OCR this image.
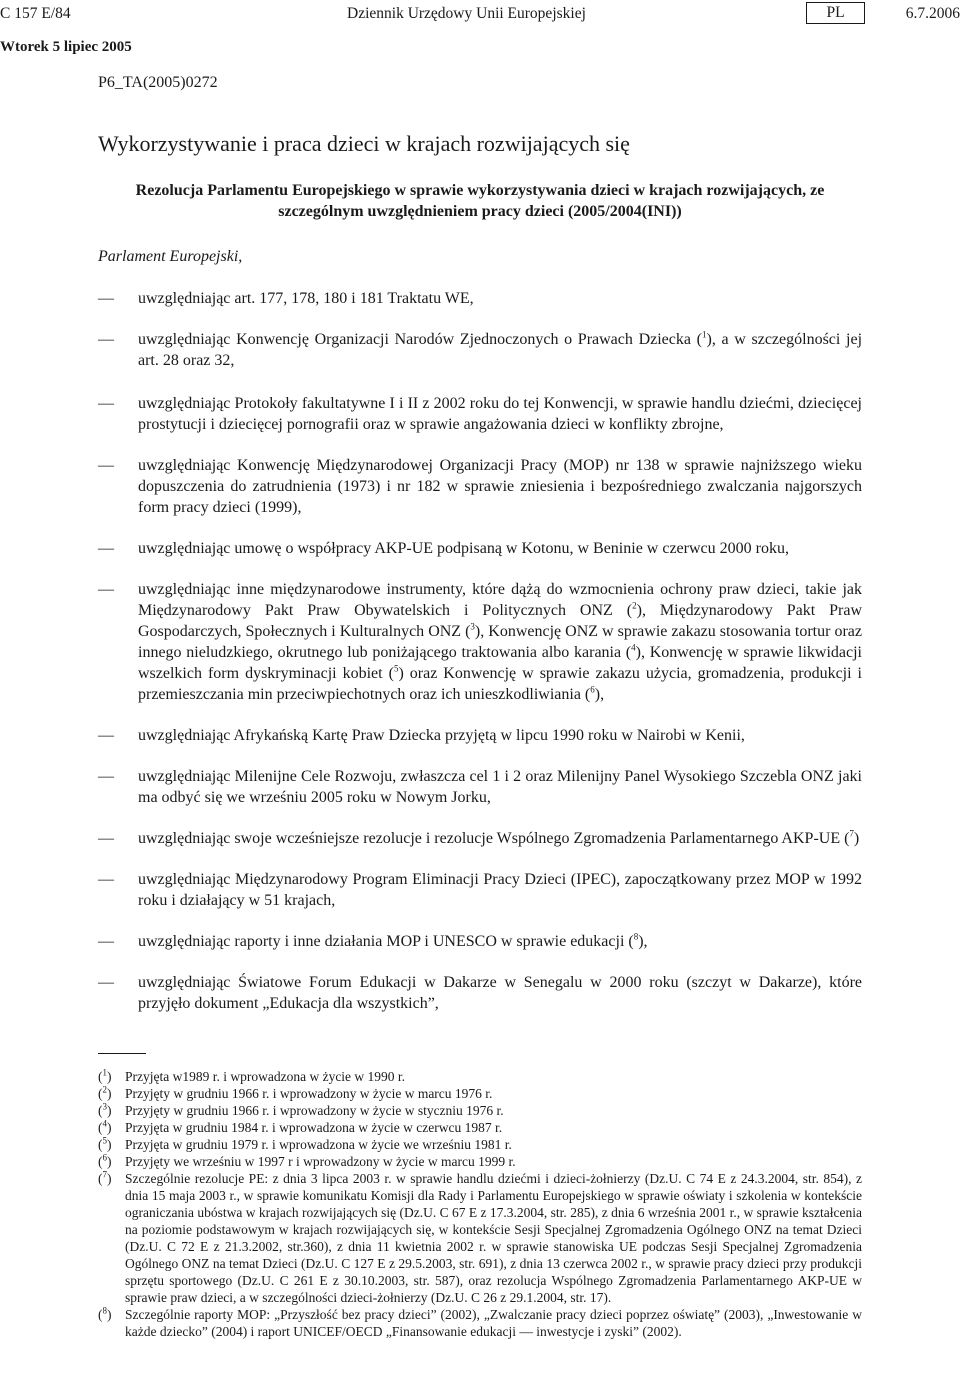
C 157 E/84	Dziennik Urzędowy Unii Europejskiej	PL	6.7.2006
Wtorek 5 lipiec 2005
P6_TA(2005)0272
Wykorzystywanie i praca dzieci w krajach rozwijających się
Rezolucja Parlamentu Europejskiego w sprawie wykorzystywania dzieci w krajach rozwijających, ze szczególnym uwzględnieniem pracy dzieci (2005/2004(INI))
Parlament Europejski,
— uwzględniając art. 177, 178, 180 i 181 Traktatu WE,
— uwzględniając Konwencję Organizacji Narodów Zjednoczonych o Prawach Dziecka ($^1$), a w szczególności jej art. 28 oraz 32,
— uwzględniając Protokoły fakultatywne I i II z 2002 roku do tej Konwencji, w sprawie handlu dziećmi, dziecięcej prostytucji i dziecięcej pornografii oraz w sprawie angażowania dzieci w konflikty zbrojne,
— uwzględniając Konwencję Międzynarodowej Organizacji Pracy (MOP) nr 138 w sprawie najniższego wieku dopuszczenia do zatrudnienia (1973) i nr 182 w sprawie zniesienia i bezpośredniego zwalczania najgorszych form pracy dzieci (1999),
— uwzględniając umowę o współpracy AKP-UE podpisaną w Kotonu, w Beninie w czerwcu 2000 roku,
— uwzględniając inne międzynarodowe instrumenty, które dążą do wzmocnienia ochrony praw dzieci, takie jak Międzynarodowy Pakt Praw Obywatelskich i Politycznych ONZ ($^2$), Międzynarodowy Pakt Praw Gospodarczych, Społecznych i Kulturalnych ONZ ($^3$), Konwencję ONZ w sprawie zakazu stosowania tortur oraz innego nieludzkiego, okrutnego lub poniżającego traktowania albo karania ($^4$), Konwencję w sprawie likwidacji wszelkich form dyskryminacji kobiet ($^5$) oraz Konwencję w sprawie zakazu użycia, gromadzenia, produkcji i przemieszczania min przeciwpiechotnych oraz ich unieszkodliwiania ($^6$),
— uwzględniając Afrykańską Kartę Praw Dziecka przyjętą w lipcu 1990 roku w Nairobi w Kenii,
— uwzględniając Milenijne Cele Rozwoju, zwłaszcza cel 1 i 2 oraz Milenijny Panel Wysokiego Szczebla ONZ jaki ma odbyć się we wrześniu 2005 roku w Nowym Jorku,
— uwzględniając swoje wcześniejsze rezolucje i rezolucje Wspólnego Zgromadzenia Parlamentarnego AKP-UE ($^7$)
— uwzględniając Międzynarodowy Program Eliminacji Pracy Dzieci (IPEC), zapoczątkowany przez MOP w 1992 roku i działający w 51 krajach,
— uwzględniając raporty i inne działania MOP i UNESCO w sprawie edukacji ($^8$),
— uwzględniając Światowe Forum Edukacji w Dakarze w Senegalu w 2000 roku (szczyt w Dakarze), które przyjęło dokument „Edukacja dla wszystkich”,
($^1$) Przyjęta w1989 r. i wprowadzona w życie w 1990 r.
($^2$) Przyjęty w grudniu 1966 r. i wprowadzony w życie w marcu 1976 r.
($^3$) Przyjęty w grudniu 1966 r. i wprowadzony w życie w styczniu 1976 r.
($^4$) Przyjęta w grudniu 1984 r. i wprowadzona w życie w czerwcu 1987 r.
($^5$) Przyjęta w grudniu 1979 r. i wprowadzona w życie we wrześniu 1981 r.
($^6$) Przyjęty we wrześniu w 1997 r i wprowadzony w życie w marcu 1999 r.
($^7$) Szczególnie rezolucje PE: z dnia 3 lipca 2003 r. w sprawie handlu dziećmi i dzieci-żołnierzy (Dz.U. C 74 E z 24.3.2004, str. 854), z dnia 15 maja 2003 r., w sprawie komunikatu Komisji dla Rady i Parlamentu Europejskiego w sprawie oświaty i szkolenia w kontekście ograniczania ubóstwa w krajach rozwijających się (Dz.U. C 67 E z 17.3.2004, str. 285), z dnia 6 września 2001 r., w sprawie kształcenia na poziomie podstawowym w krajach rozwijających się, w kontekście Sesji Specjalnej Zgromadzenia Ogólnego ONZ na temat Dzieci (Dz.U. C 72 E z 21.3.2002, str.360), z dnia 11 kwietnia 2002 r. w sprawie stanowiska UE podczas Sesji Specjalnej Zgromadzenia Ogólnego ONZ na temat Dzieci (Dz.U. C 127 E z 29.5.2003, str. 691), z dnia 13 czerwca 2002 r., w sprawie pracy dzieci przy produkcji sprzętu sportowego (Dz.U. C 261 E z 30.10.2003, str. 587), oraz rezolucja Wspólnego Zgromadzenia Parlamentarnego AKP-UE w sprawie praw dzieci, a w szczególności dzieci-żołnierzy (Dz.U. C 26 z 29.1.2004, str. 17).
($^8$) Szczególnie raporty MOP: „Przyszłość bez pracy dzieci” (2002), „Zwalczanie pracy dzieci poprzez oświatę” (2003), „Inwestowanie w każde dziecko” (2004) i raport UNICEF/OECD „Finansowanie edukacji — inwestycje i zyski” (2002).
